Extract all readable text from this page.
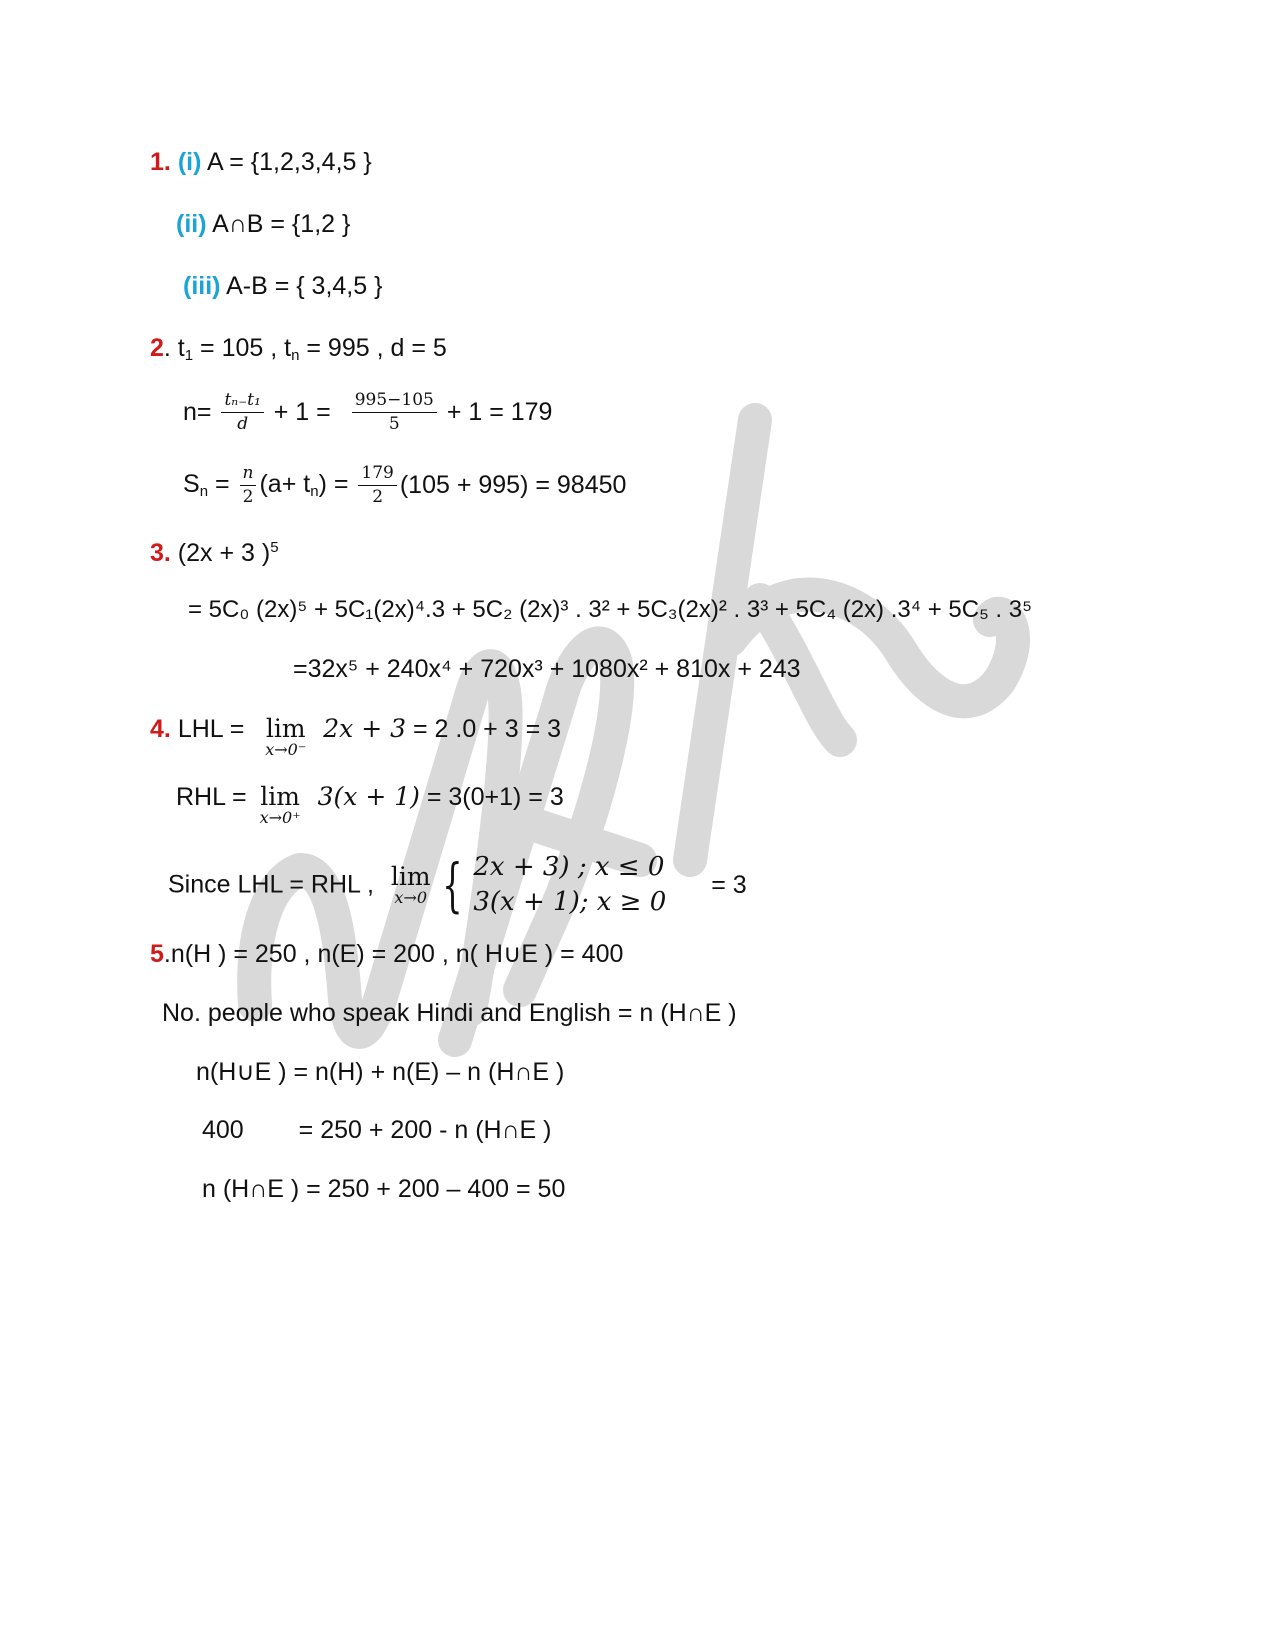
1. (i) A = {1,2,3,4,5 }
(ii) A∩B = {1,2 }
(iii) A-B = { 3,4,5 }
2. $t_1 = 105$ , $t_n = 995$ , d = 5
$n= \frac{\text{tₙ₋t₁}}{d} + 1 = \frac{995-105}{5} + 1 = 179$
$S_n = \frac{n}{2} (a+ t_n) = \frac{179}{2} (105 + 995) = 98450$
3. (2x + 3 )$^5$
= 5C₀ (2x)⁵ + 5C₁(2x)⁴.3 + 5C₂ (2x)³ . 3² + 5C₃(2x)² . 3³ + 5C₄ (2x) .3⁴ + 5C₅ . 3⁵
=32x⁵ + 240x⁴ + 720x³ + 1080x² + 810x + 243
4. LHL = lim
x→0⁻
2x + 3 = 2 .0 + 3 = 3
RHL = lim
x→0⁺
3(x + 1) = 3(0+1) = 3
Since LHL = RHL , lim
x→0 { 2x + 3) ; x ≤ 0
3(x + 1); x ≥ 0
= 3
5.n(H ) = 250 , n(E) = 200 , n( H∪E ) = 400
No. people who speak Hindi and English = n (H∩E )
n(H∪E ) = n(H) + n(E) – n (H∩E )
400 = 250 + 200 - n (H∩E )
n (H∩E ) = 250 + 200 – 400 = 50
